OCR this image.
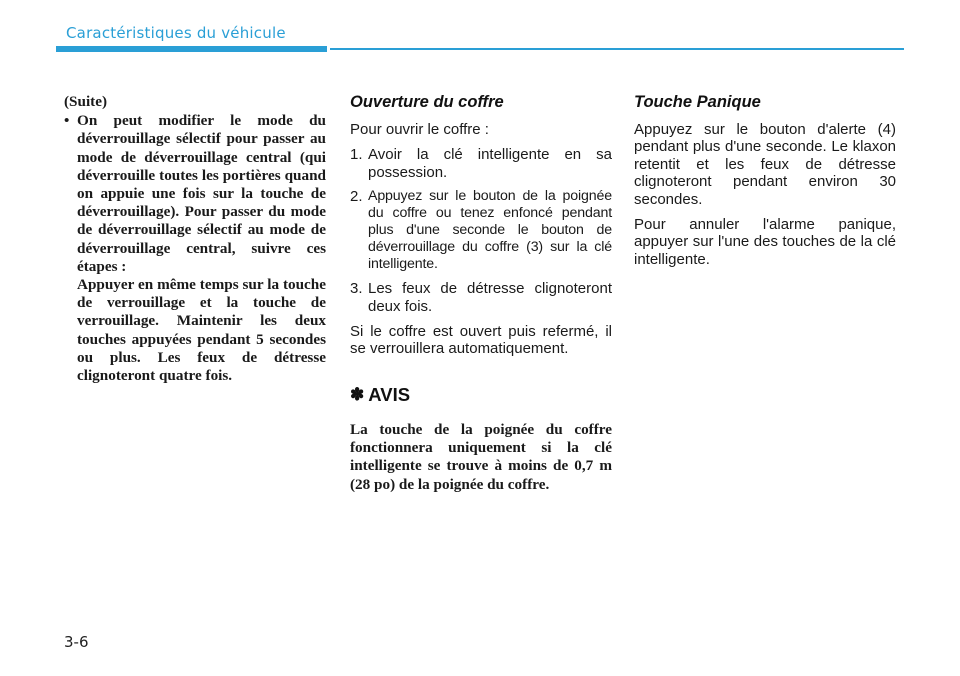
Caractéristiques du véhicule

(Suite)

• On peut modifier le mode du déverrouillage sélectif pour passer au mode de déverrouillage central (qui déverrouille toutes les portières quand on appuie une fois sur la touche de déverrouillage). Pour passer du mode de déverrouillage sélectif au mode de déverrouillage central, suivre ces étapes :

Appuyer en même temps sur la touche de verrouillage et la touche de verrouillage. Maintenir les deux touches appuyées pendant 5 secondes ou plus. Les feux de détresse clignoteront quatre fois.

Ouverture du coffre

Pour ouvrir le coffre :

1. Avoir la clé intelligente en sa possession.
2. Appuyez sur le bouton de la poignée du coffre ou tenez enfoncé pendant plus d'une seconde le bouton de déverrouillage du coffre (3) sur la clé intelligente.
3. Les feux de détresse clignoteront deux fois.

Si le coffre est ouvert puis refermé, il se verrouillera automatiquement.

✽ AVIS

La touche de la poignée du coffre fonctionnera uniquement si la clé intelligente se trouve à moins de 0,7 m (28 po) de la poignée du coffre.

Touche Panique

Appuyez sur le bouton d'alerte (4) pendant plus d'une seconde. Le klaxon retentit et les feux de détresse clignoteront pendant environ 30 secondes.

Pour annuler l'alarme panique, appuyer sur l'une des touches de la clé intelligente.

3-6
